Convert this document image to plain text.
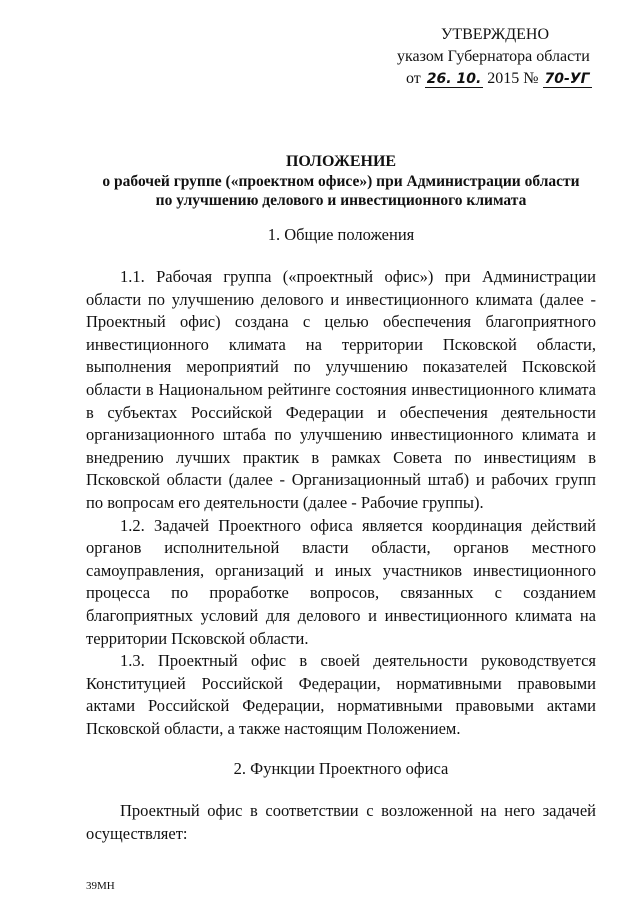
УТВЕРЖДЕНО
указом Губернатора области
от 26. 10. 2015 № 70-УГ
ПОЛОЖЕНИЕ
о рабочей группе («проектном офисе») при Администрации области
по улучшению делового и инвестиционного климата
1. Общие положения

1.1. Рабочая группа («проектный офис») при Администрации области по улучшению делового и инвестиционного климата (далее - Проектный офис) создана с целью обеспечения благоприятного инвестиционного климата на территории Псковской области, выполнения мероприятий по улучшению показателей Псковской области в Национальном рейтинге состояния инвестиционного климата в субъектах Российской Федерации и обеспечения деятельности организационного штаба по улучшению инвестиционного климата и внедрению лучших практик в рамках Совета по инвестициям в Псковской области (далее - Организационный штаб) и рабочих групп по вопросам его деятельности (далее - Рабочие группы).

1.2. Задачей Проектного офиса является координация действий органов исполнительной власти области, органов местного самоуправления, организаций и иных участников инвестиционного процесса по проработке вопросов, связанных с созданием благоприятных условий для делового и инвестиционного климата на территории Псковской области.

1.3. Проектный офис в своей деятельности руководствуется Конституцией Российской Федерации, нормативными правовыми актами Российской Федерации, нормативными правовыми актами Псковской области, а также настоящим Положением.

2. Функции Проектного офиса

Проектный офис в соответствии с возложенной на него задачей осуществляет:

39МН
